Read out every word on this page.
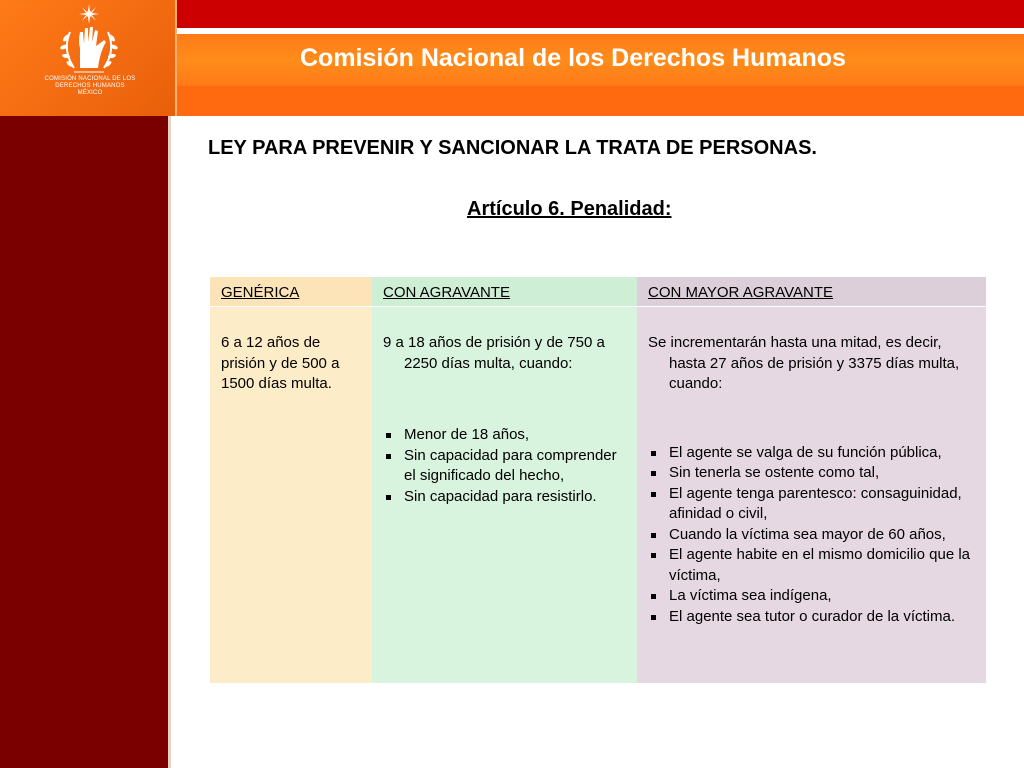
COMISIÓN NACIONAL DE LOS
DERECHOS HUMANOS
MÉXICO
Comisión Nacional de los Derechos Humanos
LEY PARA PREVENIR Y SANCIONAR LA TRATA DE PERSONAS.
Artículo 6. Penalidad:
GENÉRICA

6 a 12 años de prisión y de 500 a 1500 días multa.

CON AGRAVANTE

9 a 18 años de prisión y de 750 a 2250 días multa, cuando:

Menor de 18 años,
Sin capacidad para comprender el significado del hecho,
Sin capacidad para resistirlo.
CON MAYOR AGRAVANTE

Se incrementarán hasta una mitad, es decir, hasta 27 años de prisión y 3375 días multa, cuando:

El agente se valga de su función pública,
Sin tenerla se ostente como tal,
El agente tenga parentesco: consaguinidad, afinidad o civil,
Cuando la víctima sea mayor de 60 años,
El agente habite en el mismo domicilio que la víctima,
La víctima sea indígena,
El agente sea tutor o curador de la víctima.
